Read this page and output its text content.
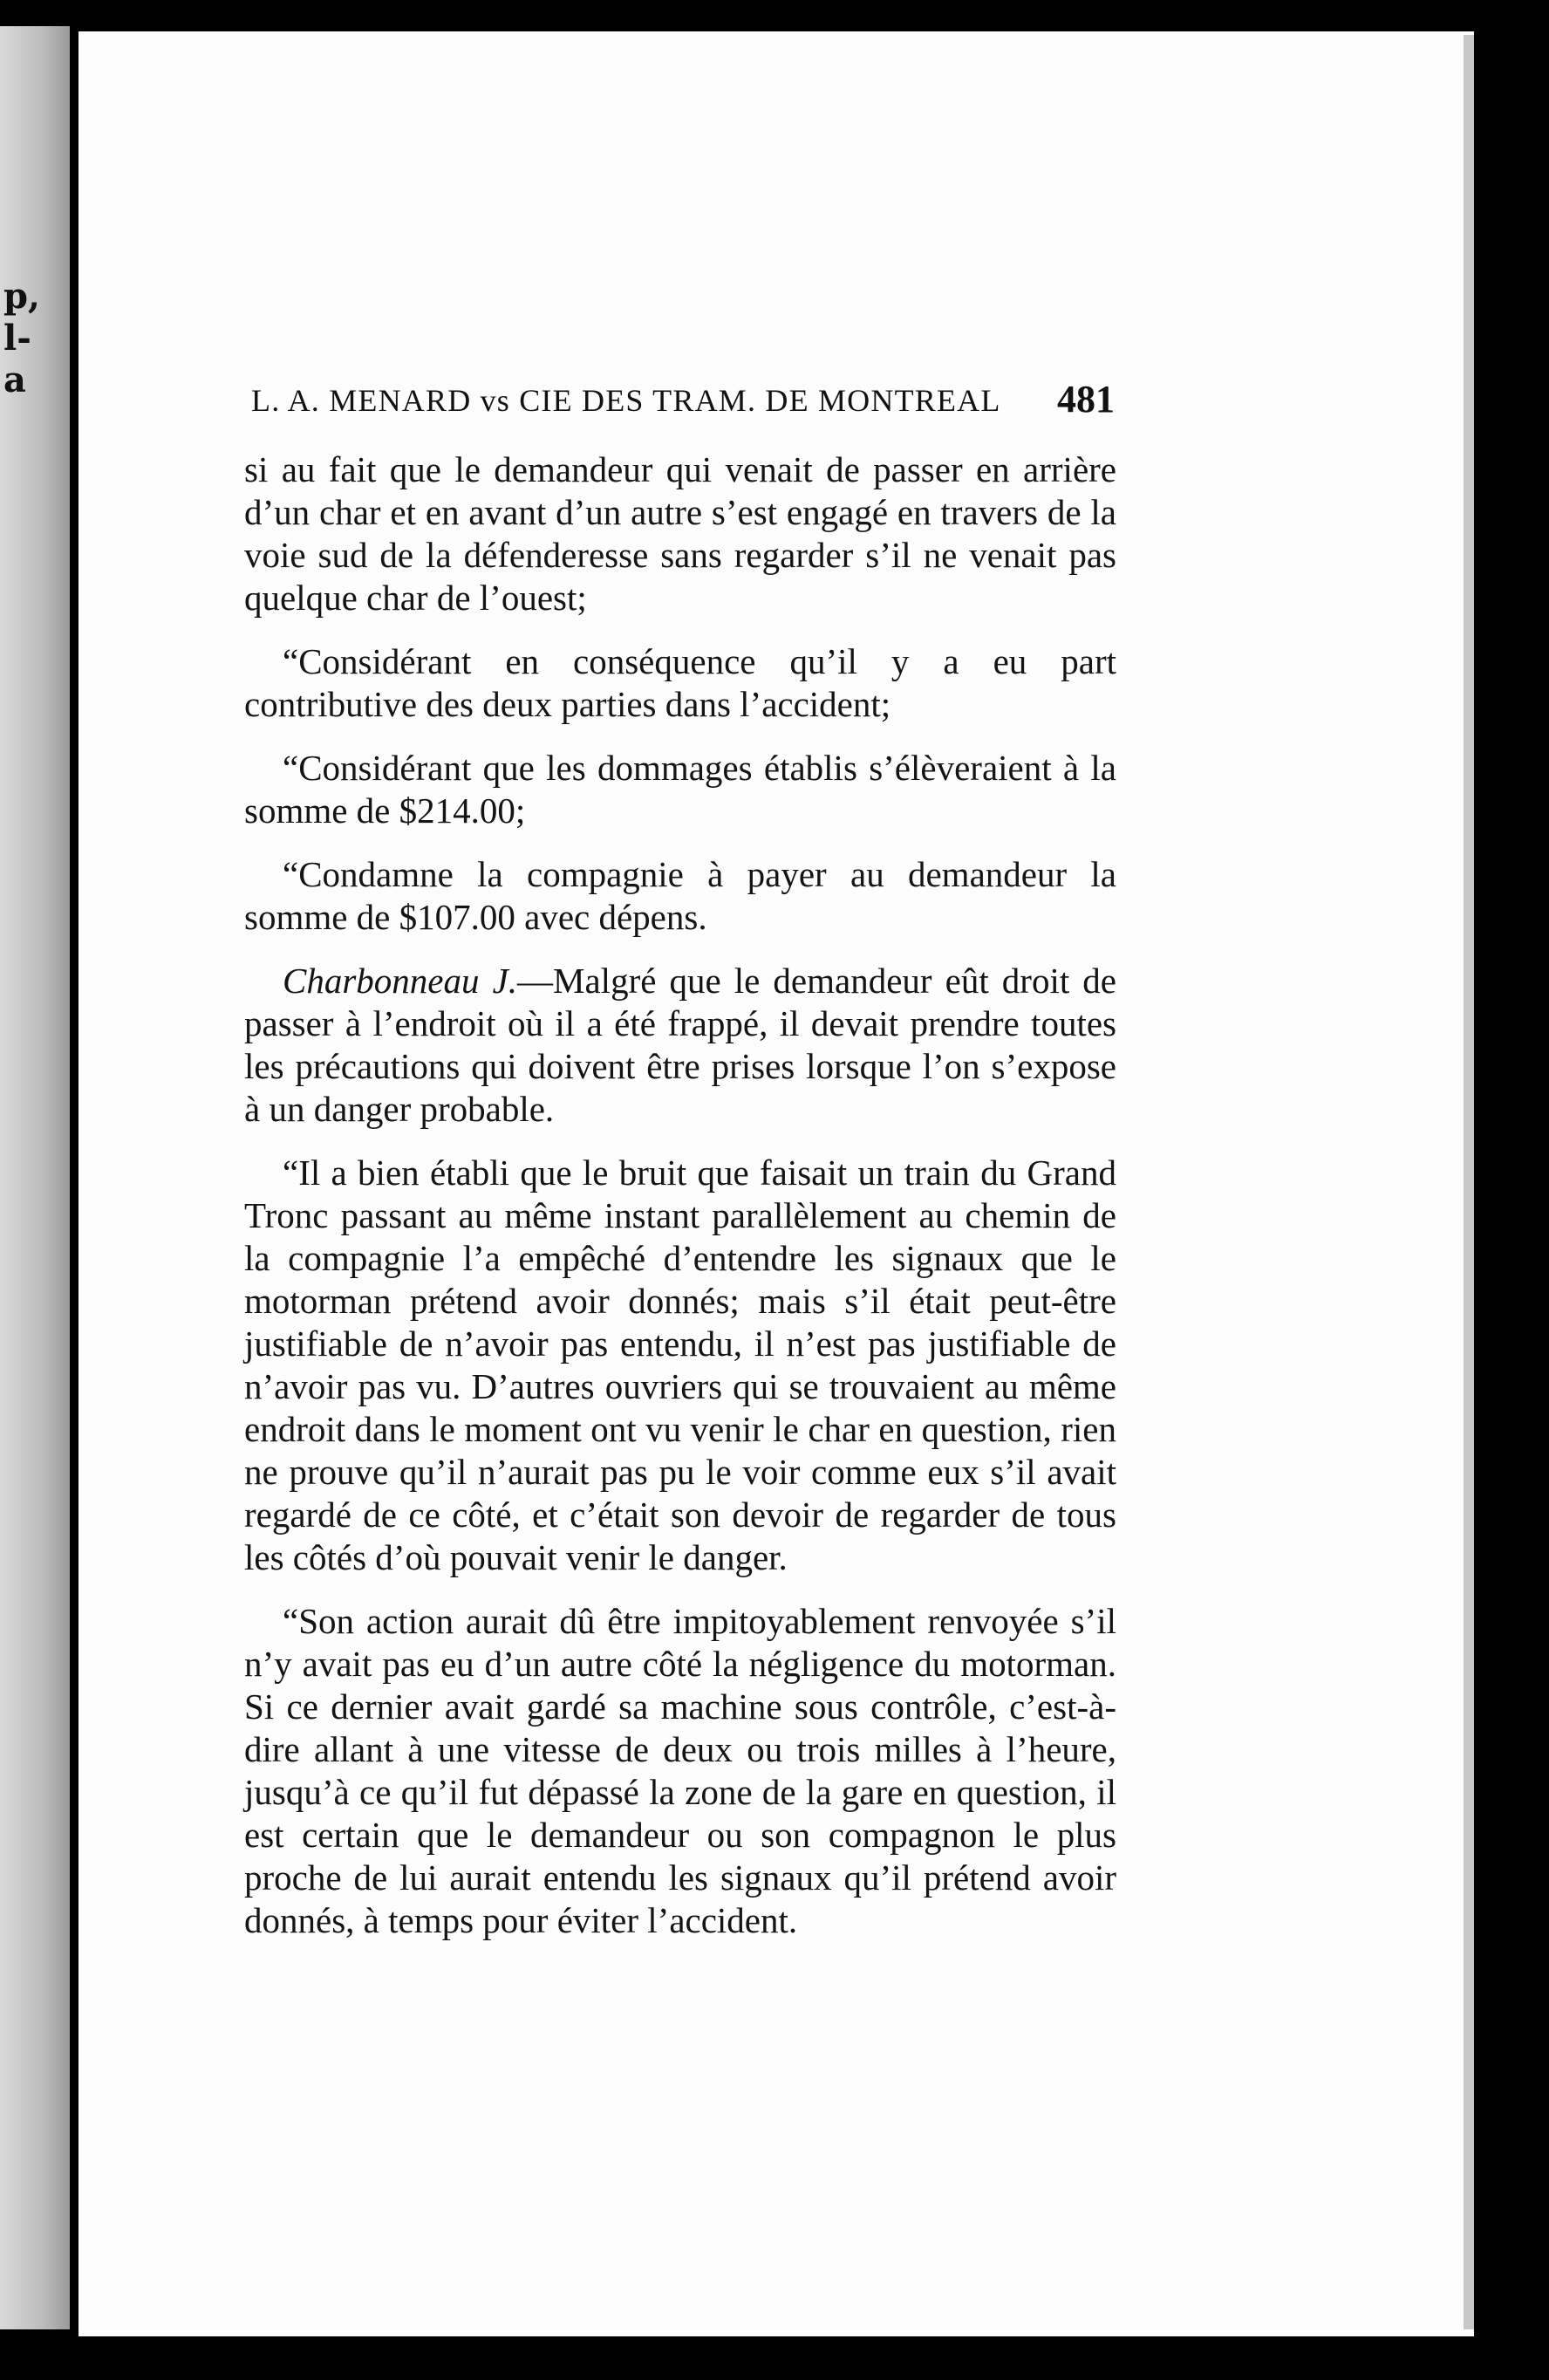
p,
l-
a	L. A. MENARD vs CIE DES TRAM. DE MONTREAL 481

si au fait que le demandeur qui venait de passer en arrière d’un char et en avant d’un autre s’est engagé en travers de la voie sud de la défenderesse sans regarder s’il ne venait pas quelque char de l’ouest;

“Considérant en conséquence qu’il y a eu part contributive des deux parties dans l’accident;

“Considérant que les dommages établis s’élèveraient à la somme de $214.00;

“Condamne la compagnie à payer au demandeur la somme de $107.00 avec dépens.

Charbonneau J.—Malgré que le demandeur eût droit de passer à l’endroit où il a été frappé, il devait prendre toutes les précautions qui doivent être prises lorsque l’on s’expose à un danger probable.

“Il a bien établi que le bruit que faisait un train du Grand Tronc passant au même instant parallèlement au chemin de la compagnie l’a empêché d’entendre les signaux que le motorman prétend avoir donnés; mais s’il était peut-être justifiable de n’avoir pas entendu, il n’est pas justifiable de n’avoir pas vu. D’autres ouvriers qui se trouvaient au même endroit dans le moment ont vu venir le char en question, rien ne prouve qu’il n’aurait pas pu le voir comme eux s’il avait regardé de ce côté, et c’était son devoir de regarder de tous les côtés d’où pouvait venir le danger.

“Son action aurait dû être impitoyablement renvoyée s’il n’y avait pas eu d’un autre côté la négligence du motorman. Si ce dernier avait gardé sa machine sous contrôle, c’est-à-dire allant à une vitesse de deux ou trois milles à l’heure, jusqu’à ce qu’il fut dépassé la zone de la gare en question, il est certain que le demandeur ou son compagnon le plus proche de lui aurait entendu les signaux qu’il prétend avoir donnés, à temps pour éviter l’accident.
